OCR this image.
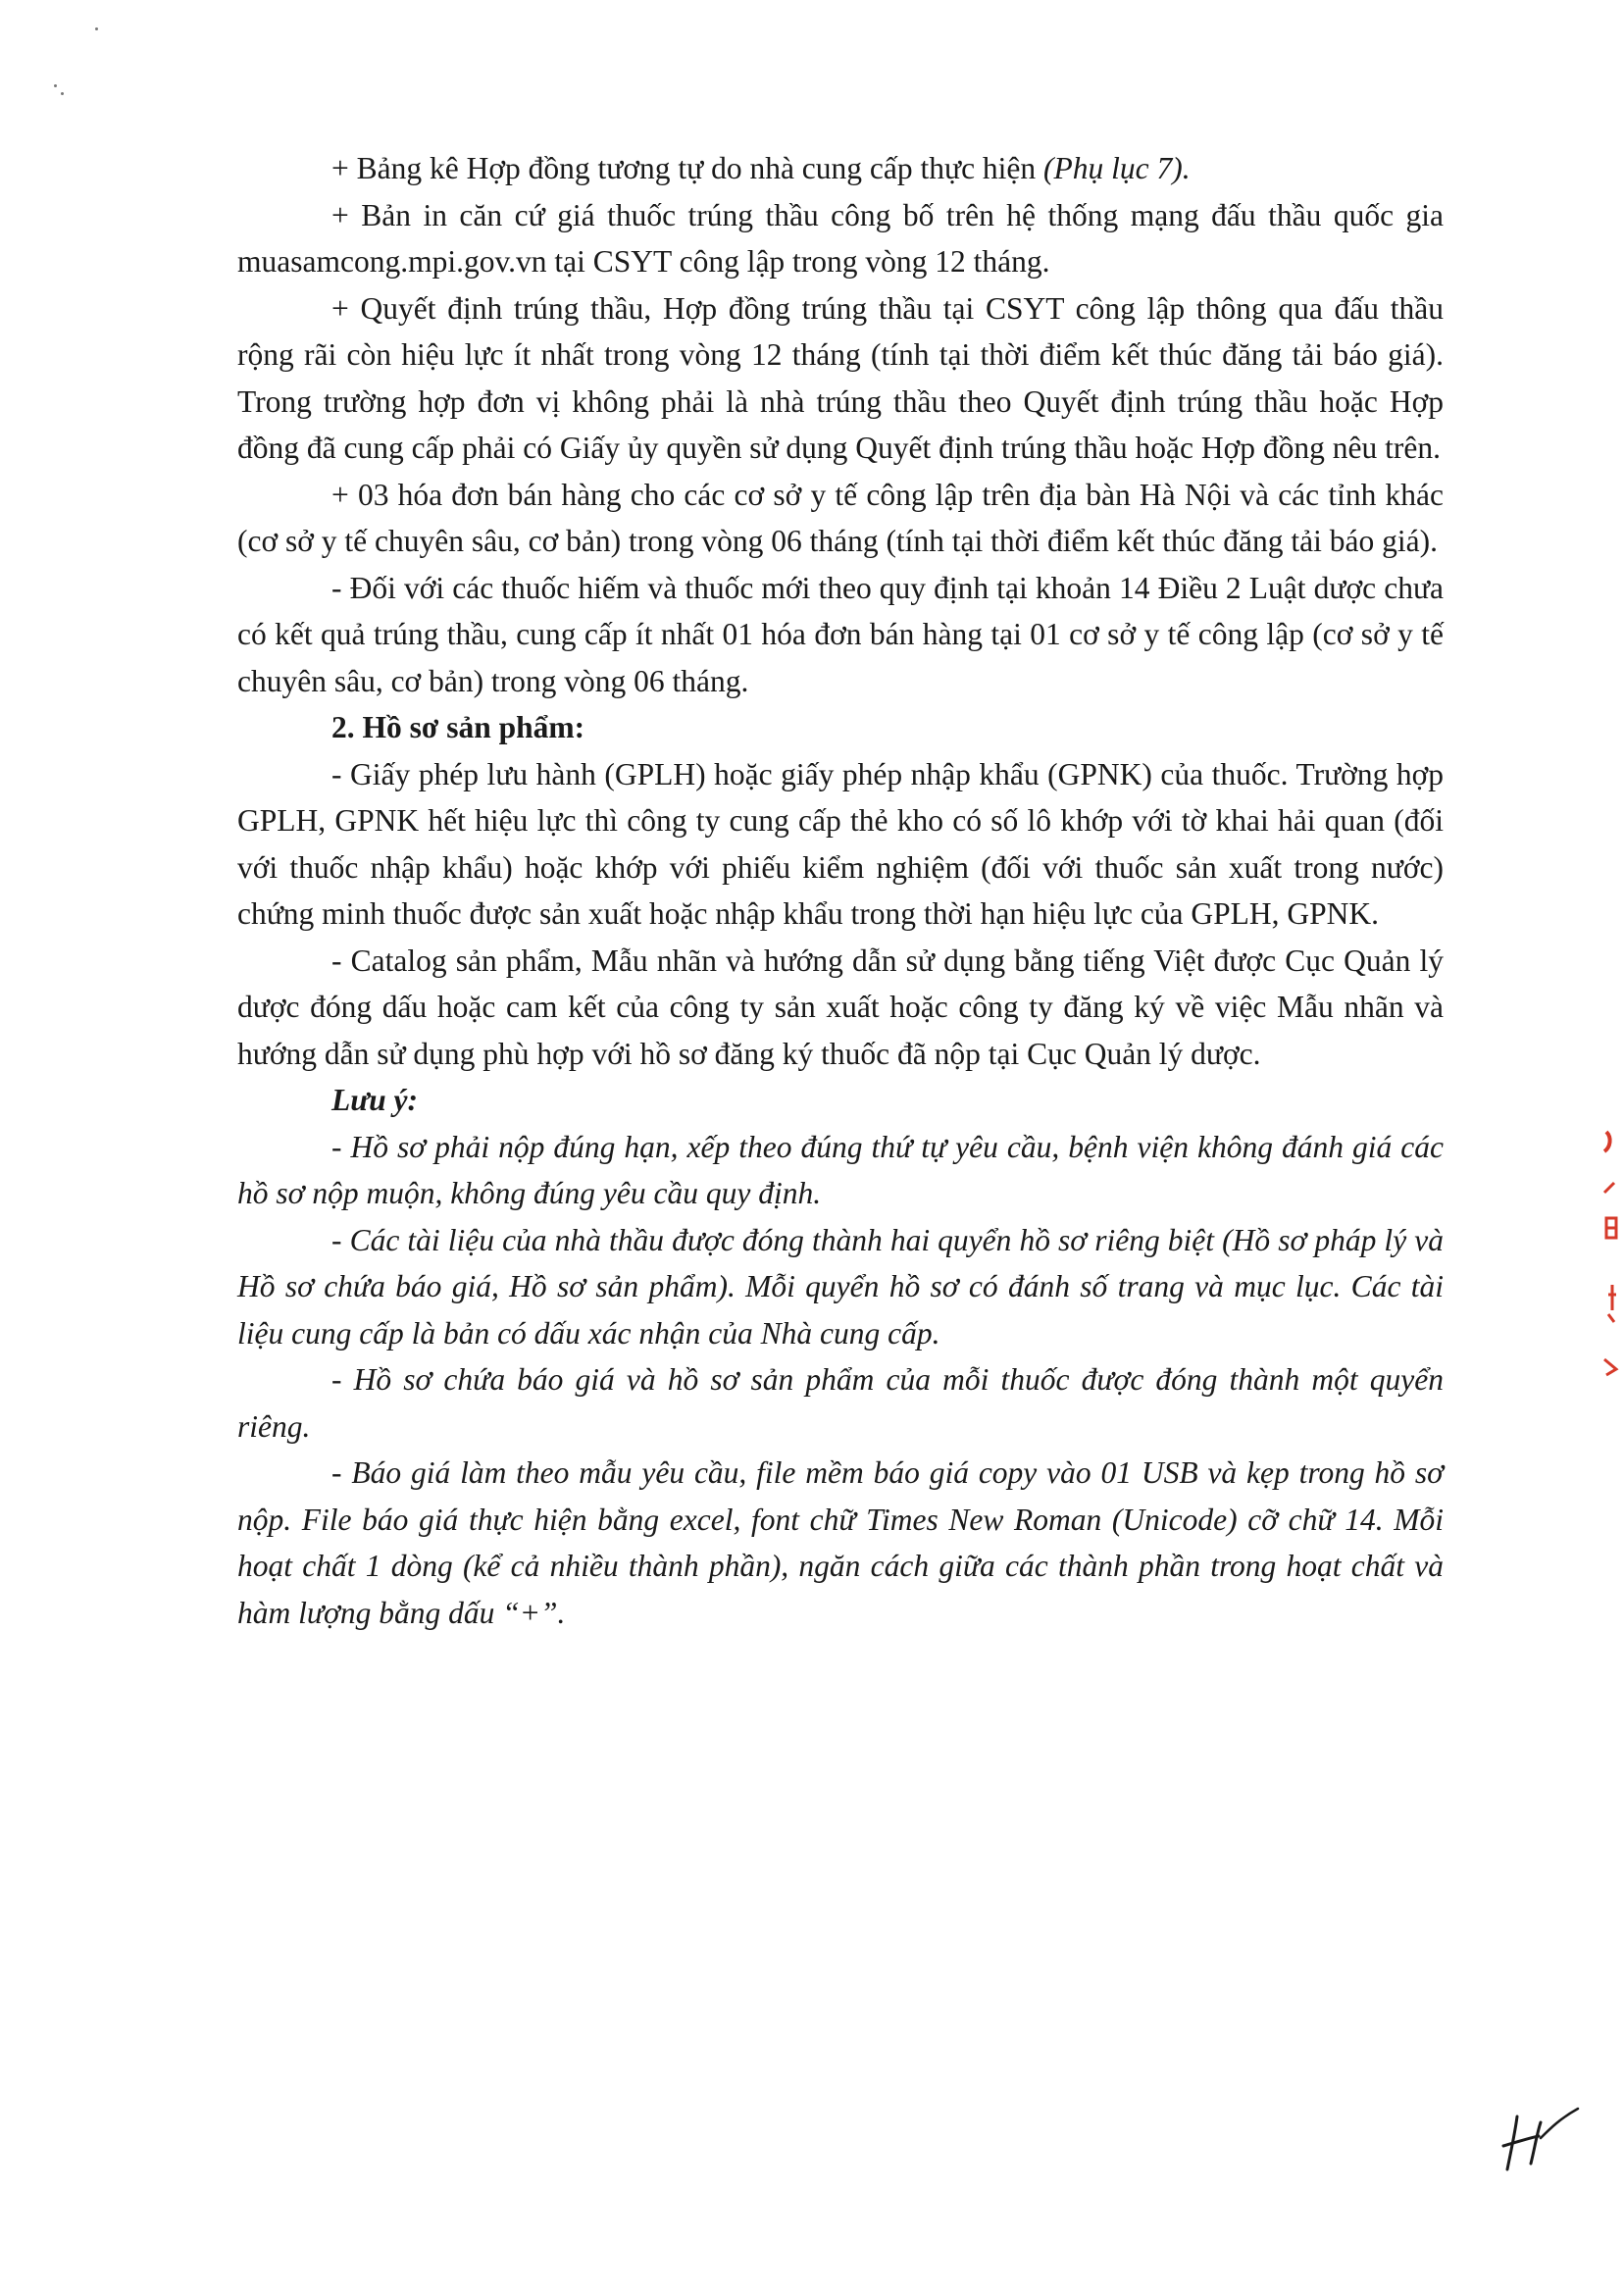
+ Bảng kê Hợp đồng tương tự do nhà cung cấp thực hiện (Phụ lục 7).

+ Bản in căn cứ giá thuốc trúng thầu công bố trên hệ thống mạng đấu thầu quốc gia muasamcong.mpi.gov.vn tại CSYT công lập trong vòng 12 tháng.

+ Quyết định trúng thầu, Hợp đồng trúng thầu tại CSYT công lập thông qua đấu thầu rộng rãi còn hiệu lực ít nhất trong vòng 12 tháng (tính tại thời điểm kết thúc đăng tải báo giá). Trong trường hợp đơn vị không phải là nhà trúng thầu theo Quyết định trúng thầu hoặc Hợp đồng đã cung cấp phải có Giấy ủy quyền sử dụng Quyết định trúng thầu hoặc Hợp đồng nêu trên.

+ 03 hóa đơn bán hàng cho các cơ sở y tế công lập trên địa bàn Hà Nội và các tỉnh khác (cơ sở y tế chuyên sâu, cơ bản) trong vòng 06 tháng (tính tại thời điểm kết thúc đăng tải báo giá).

- Đối với các thuốc hiếm và thuốc mới theo quy định tại khoản 14 Điều 2 Luật dược chưa có kết quả trúng thầu, cung cấp ít nhất 01 hóa đơn bán hàng tại 01 cơ sở y tế công lập (cơ sở y tế chuyên sâu, cơ bản) trong vòng 06 tháng.

2. Hồ sơ sản phẩm:

- Giấy phép lưu hành (GPLH) hoặc giấy phép nhập khẩu (GPNK) của thuốc. Trường hợp GPLH, GPNK hết hiệu lực thì công ty cung cấp thẻ kho có số lô khớp với tờ khai hải quan (đối với thuốc nhập khẩu) hoặc khớp với phiếu kiểm nghiệm (đối với thuốc sản xuất trong nước) chứng minh thuốc được sản xuất hoặc nhập khẩu trong thời hạn hiệu lực của GPLH, GPNK.

- Catalog sản phẩm, Mẫu nhãn và hướng dẫn sử dụng bằng tiếng Việt được Cục Quản lý dược đóng dấu hoặc cam kết của công ty sản xuất hoặc công ty đăng ký về việc Mẫu nhãn và hướng dẫn sử dụng phù hợp với hồ sơ đăng ký thuốc đã nộp tại Cục Quản lý dược.

Lưu ý:

- Hồ sơ phải nộp đúng hạn, xếp theo đúng thứ tự yêu cầu, bệnh viện không đánh giá các hồ sơ nộp muộn, không đúng yêu cầu quy định.

- Các tài liệu của nhà thầu được đóng thành hai quyển hồ sơ riêng biệt (Hồ sơ pháp lý và Hồ sơ chứa báo giá, Hồ sơ sản phẩm). Mỗi quyển hồ sơ có đánh số trang và mục lục. Các tài liệu cung cấp là bản có dấu xác nhận của Nhà cung cấp.

- Hồ sơ chứa báo giá và hồ sơ sản phẩm của mỗi thuốc được đóng thành một quyển riêng.

- Báo giá làm theo mẫu yêu cầu, file mềm báo giá copy vào 01 USB và kẹp trong hồ sơ nộp. File báo giá thực hiện bằng excel, font chữ Times New Roman (Unicode) cỡ chữ 14. Mỗi hoạt chất 1 dòng (kể cả nhiều thành phần), ngăn cách giữa các thành phần trong hoạt chất và hàm lượng bằng dấu “+”.
